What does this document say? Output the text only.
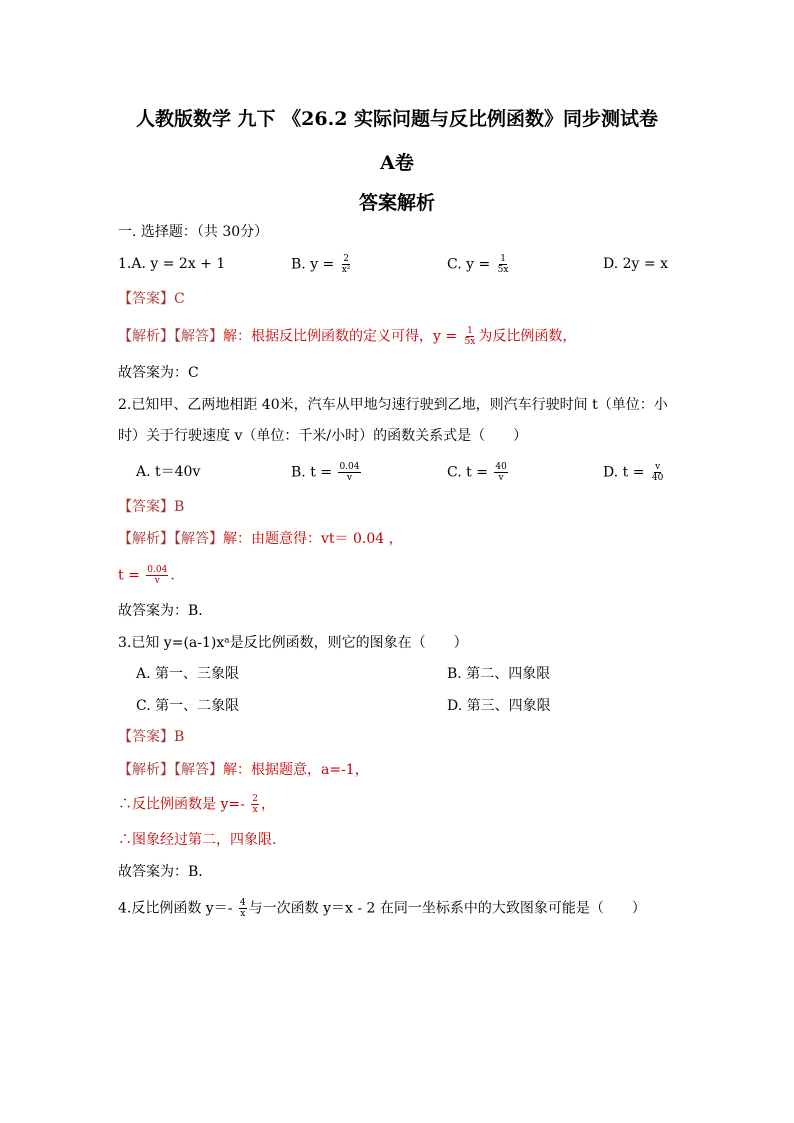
人教版数学 九下 《26.2 实际问题与反比例函数》同步测试卷
A卷
答案解析
一. 选择题：（共 30分）
1.A. y = 2x + 1	B. $y = \frac{2}{\text{x²}}$	C. $y = \frac{1}{5x}$	D. 2y = x
【答案】C
【解析】【解答】解：根据反比例函数的定义可得，$y = \frac{1}{5x}$ 为反比例函数，
故答案为：C
2.已知甲、乙两地相距 40米，汽车从甲地匀速行驶到乙地，则汽车行驶时间 t（单位：小
时）关于行驶速度 v（单位：千米/小时）的函数关系式是（　　）
A. t＝40v	B. $t = \frac{0.04}{v}$	C. $t = \frac{40}{v}$	D. $t = \frac{v}{40}$
【答案】B
【解析】【解答】解：由题意得：vt＝ 0.04 ，
$t = \frac{0.04}{v}$ .
故答案为：B.
3.已知 y=(a-1)xᵃ是反比例函数，则它的图象在（　　）
A. 第一、三象限	B. 第二、四象限
C. 第一、二象限	D. 第三、四象限
【答案】B
【解析】【解答】解：根据题意，a=-1，
∴反比例函数是 $y=- \frac{2}{x}$ ，
∴图象经过第二，四象限.
故答案为：B.
4.反比例函数 $y=- \frac{4}{x}$ 与一次函数 y＝x - 2 在同一坐标系中的大致图象可能是（　　）
